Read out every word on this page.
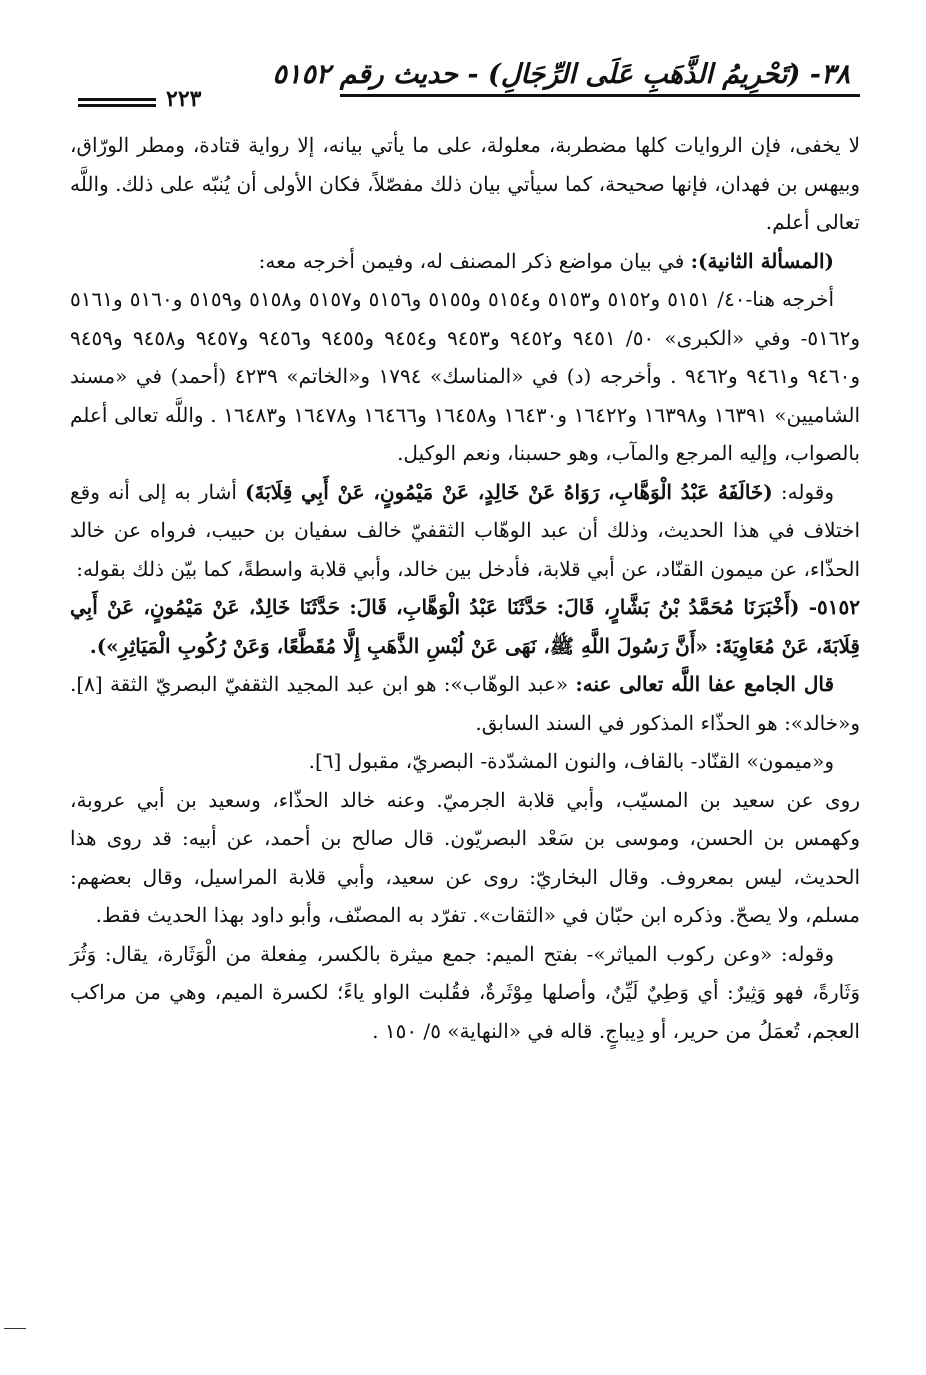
٣٨- (تَحْرِيمُ الذَّهَبِ عَلَى الرِّجَالِ) - حديث رقم ٥١٥٢
٢٢٣

لا يخفى، فإن الروايات كلها مضطربة، معلولة، على ما يأتي بيانه، إلا رواية قتادة، ومطر الورّاق، وبيهس بن فهدان، فإنها صحيحة، كما سيأتي بيان ذلك مفصّلاً، فكان الأولى أن يُنبّه على ذلك. واللَّه تعالى أعلم.

(المسألة الثانية): في بيان مواضع ذكر المصنف له، وفيمن أخرجه معه:

أخرجه هنا-٤٠/ ٥١٥١ و٥١٥٢ و٥١٥٣ و٥١٥٤ و٥١٥٥ و٥١٥٦ و٥١٥٧ و٥١٥٨ و٥١٥٩ و٥١٦٠ و٥١٦١ و٥١٦٢- وفي «الكبرى» ٥٠/ ٩٤٥١ و٩٤٥٢ و٩٤٥٣ و٩٤٥٤ و٩٤٥٥ و٩٤٥٦ و٩٤٥٧ و٩٤٥٨ و٩٤٥٩ و٩٤٦٠ و٩٤٦١ و٩٤٦٢ . وأخرجه (د) في «المناسك» ١٧٩٤ و«الخاتم» ٤٢٣٩ (أحمد) في «مسند الشاميين» ١٦٣٩١ و١٦٣٩٨ و١٦٤٢٢ و١٦٤٣٠ و١٦٤٥٨ و١٦٤٦٦ و١٦٤٧٨ و١٦٤٨٣ . واللَّه تعالى أعلم بالصواب، وإليه المرجع والمآب، وهو حسبنا، ونعم الوكيل.

وقوله: (خَالَفَهُ عَبْدُ الْوَهَّابِ، رَوَاهُ عَنْ خَالِدٍ، عَنْ مَيْمُونٍ، عَنْ أَبِي قِلَابَةَ) أشار به إلى أنه وقع اختلاف في هذا الحديث، وذلك أن عبد الوهّاب الثقفيّ خالف سفيان بن حبيب، فرواه عن خالد الحذّاء، عن ميمون القنّاد، عن أبي قلابة، فأدخل بين خالد، وأبي قلابة واسطةً، كما بيّن ذلك بقوله:

٥١٥٢- (أَخْبَرَنَا مُحَمَّدُ بْنُ بَشَّارٍ، قَالَ: حَدَّثَنَا عَبْدُ الْوَهَّابِ، قَالَ: حَدَّثَنَا خَالِدٌ، عَنْ مَيْمُونٍ، عَنْ أَبِي قِلَابَةَ، عَنْ مُعَاوِيَةَ: «أَنَّ رَسُولَ اللَّهِ ﷺ، نَهَى عَنْ لُبْسِ الذَّهَبِ إِلَّا مُقَطَّعًا، وَعَنْ رُكُوبِ الْمَيَاثِرِ»).

قال الجامع عفا اللَّه تعالى عنه: «عبد الوهّاب»: هو ابن عبد المجيد الثقفيّ البصريّ الثقة [٨]. و«خالد»: هو الحذّاء المذكور في السند السابق.

و«ميمون» القنّاد- بالقاف، والنون المشدّدة- البصريّ، مقبول [٦].

روى عن سعيد بن المسيّب، وأبي قلابة الجرميّ. وعنه خالد الحذّاء، وسعيد بن أبي عروبة، وكهمس بن الحسن، وموسى بن سَعْد البصريّون. قال صالح بن أحمد، عن أبيه: قد روى هذا الحديث، ليس بمعروف. وقال البخاريّ: روى عن سعيد، وأبي قلابة المراسيل، وقال بعضهم: مسلم، ولا يصحّ. وذكره ابن حبّان في «الثقات». تفرّد به المصنّف، وأبو داود بهذا الحديث فقط.

وقوله: «وعن ركوب المياثر»- بفتح الميم: جمع ميثرة بالكسر، مِفعلة من الْوَثَارة، يقال: وَثُرَ وَثَارةً، فهو وَثِيرٌ: أي وَطِيٌ لَيِّنٌ، وأصلها مِوْثَرةٌ، فقُلبت الواو ياءً؛ لكسرة الميم، وهي من مراكب العجم، تُعمَلُ من حرير، أو دِيباجٍ. قاله في «النهاية» ٥/ ١٥٠ .
